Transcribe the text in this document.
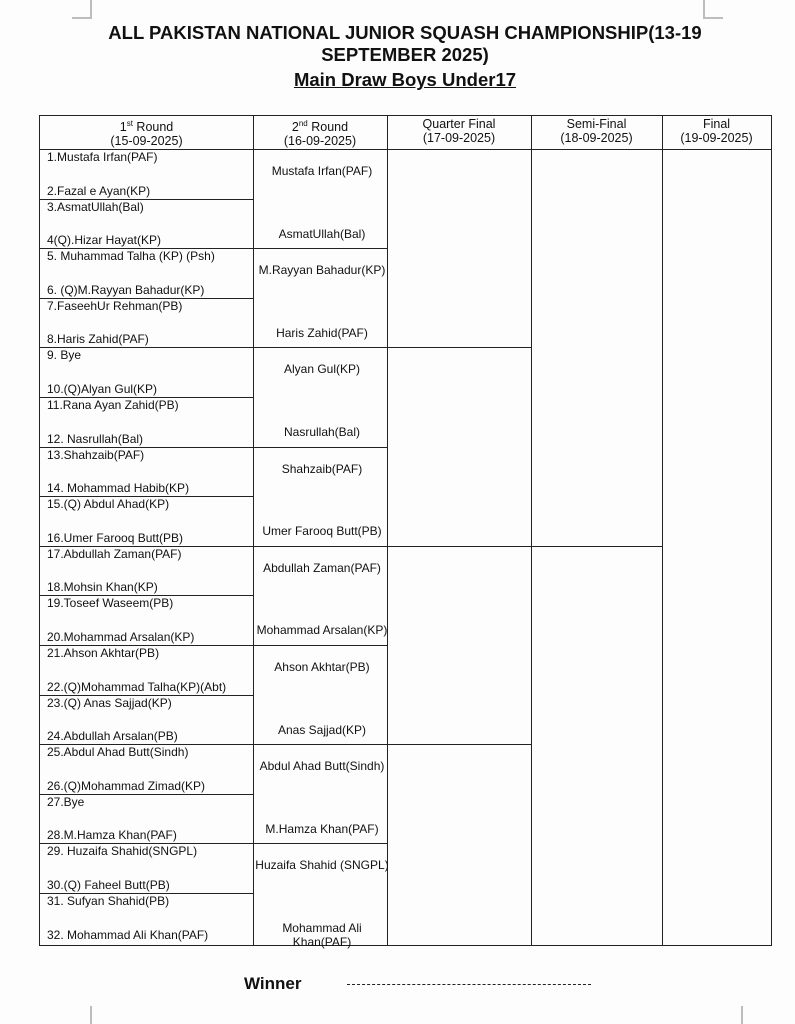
ALL PAKISTAN NATIONAL JUNIOR SQUASH CHAMPIONSHIP(13-19
SEPTEMBER 2025)
Main Draw Boys Under17
1st Round
(15-09-2025)
2nd Round
(16-09-2025)
Quarter Final
(17-09-2025)
Semi-Final
(18-09-2025)
Final
(19-09-2025)
1.Mustafa Irfan(PAF)
2.Fazal e Ayan(KP)
3.AsmatUllah(Bal)
4(Q).Hizar Hayat(KP)
5. Muhammad Talha (KP) (Psh)
6. (Q)M.Rayyan Bahadur(KP)
7.FaseehUr Rehman(PB)
8.Haris Zahid(PAF)
9. Bye
10.(Q)Alyan Gul(KP)
11.Rana Ayan Zahid(PB)
12. Nasrullah(Bal)
13.Shahzaib(PAF)
14. Mohammad Habib(KP)
15.(Q) Abdul Ahad(KP)
16.Umer Farooq Butt(PB)
17.Abdullah Zaman(PAF)
18.Mohsin Khan(KP)
19.Toseef Waseem(PB)
20.Mohammad Arsalan(KP)
21.Ahson Akhtar(PB)
22.(Q)Mohammad Talha(KP)(Abt)
23.(Q) Anas Sajjad(KP)
24.Abdullah Arsalan(PB)
25.Abdul Ahad Butt(Sindh)
26.(Q)Mohammad Zimad(KP)
27.Bye
28.M.Hamza Khan(PAF)
29. Huzaifa Shahid(SNGPL)
30.(Q) Faheel Butt(PB)
31. Sufyan Shahid(PB)
32. Mohammad Ali Khan(PAF)
Mustafa Irfan(PAF)
AsmatUllah(Bal)
M.Rayyan Bahadur(KP)
Haris Zahid(PAF)
Alyan Gul(KP)
Nasrullah(Bal)
Shahzaib(PAF)
Umer Farooq Butt(PB)
Abdullah Zaman(PAF)
Mohammad Arsalan(KP)
Ahson Akhtar(PB)
Anas Sajjad(KP)
Abdul Ahad Butt(Sindh)
M.Hamza Khan(PAF)
Huzaifa Shahid (SNGPL)
Mohammad Ali Khan(PAF)
Winner
